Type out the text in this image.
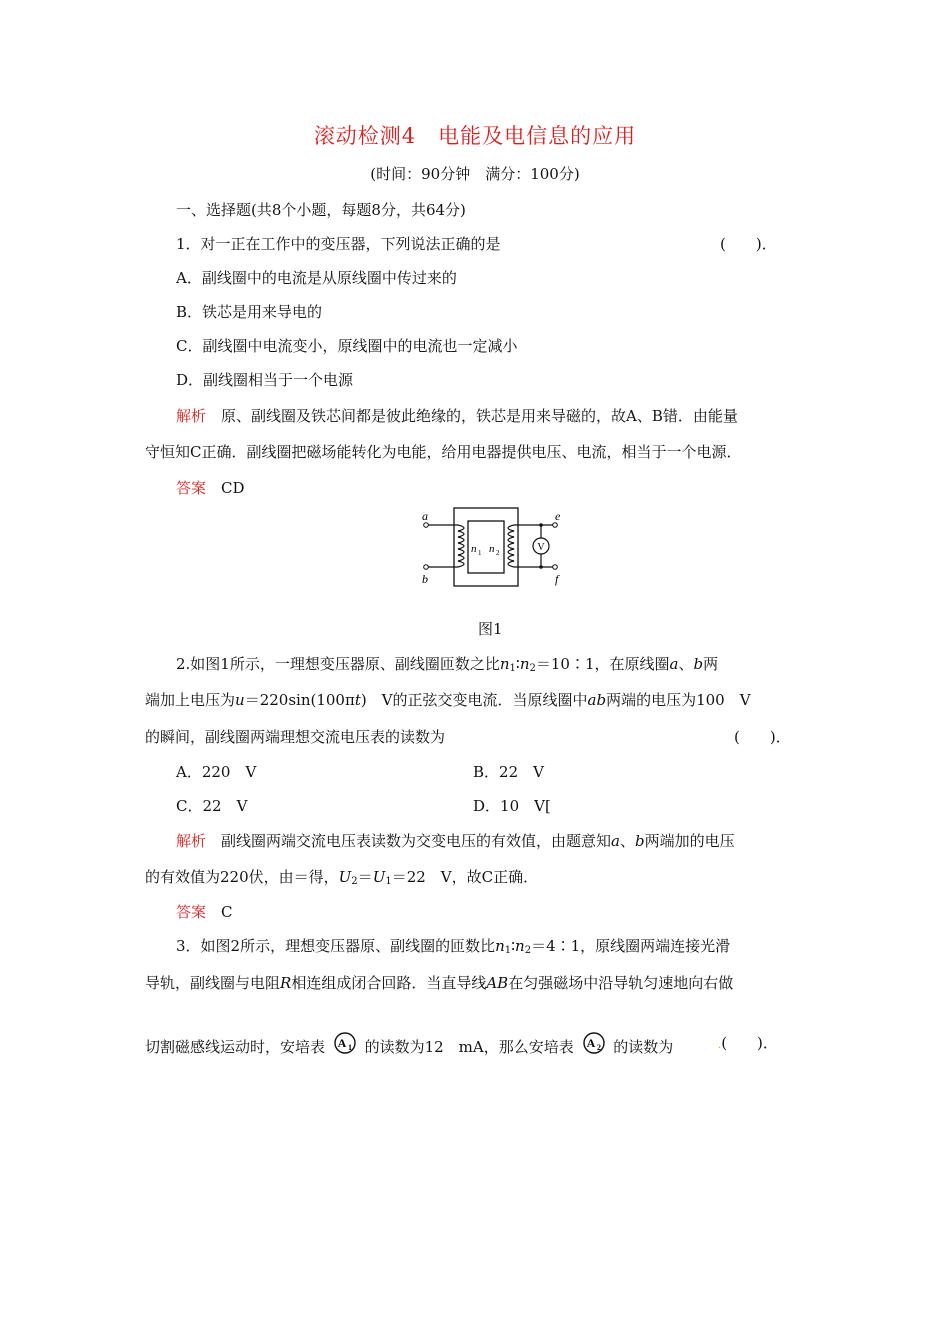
滚动检测4　电能及电信息的应用
(时间：90分钟　满分：100分)
一、选择题(共8个小题，每题8分，共64分)
1．对一正在工作中的变压器，下列说法正确的是	(　　)．
A．副线圈中的电流是从原线圈中传过来的
B．铁芯是用来导电的
C．副线圈中电流变小，原线圈中的电流也一定减小
D．副线圈相当于一个电源
解析　 原、副线圈及铁芯间都是彼此绝缘的，铁芯是用来导磁的，故A、B错．由能量
守恒知C正确．副线圈把磁场能转化为电能，给用电器提供电压、电流，相当于一个电源．
答案　 CD
V
a
b
e
f
n 1 n 2
图1
2.如图1所示，一理想变压器原、副线圈匝数之比$n_1∶n_2=10∶1$，在原线圈a、b两
端加上电压为u＝220sin(100πt)　V的正弦交变电流．当原线圈中ab两端的电压为100　V
的瞬间，副线圈两端理想交流电压表的读数为	(　　)．
A．220　V	B．22　V
C．22　V	D．10　V[
解析　 副线圈两端交流电压表读数为交变电压的有效值，由题意知a、b两端加的电压
的有效值为220伏，由＝得，$U_2=U_1=22$　V，故C正确．
答案　 C
3．如图2所示，理想变压器原、副线圈的匝数比$n_1∶n_2=4∶1$，原线圈两端连接光滑
导轨，副线圈与电阻R相连组成闭合回路．当直导线AB在匀强磁场中沿导轨匀速地向右做
切割磁感线运动时，安培表 A 1 的读数为12　mA，那么安培表 A 2 的读数为	.(　　)．
